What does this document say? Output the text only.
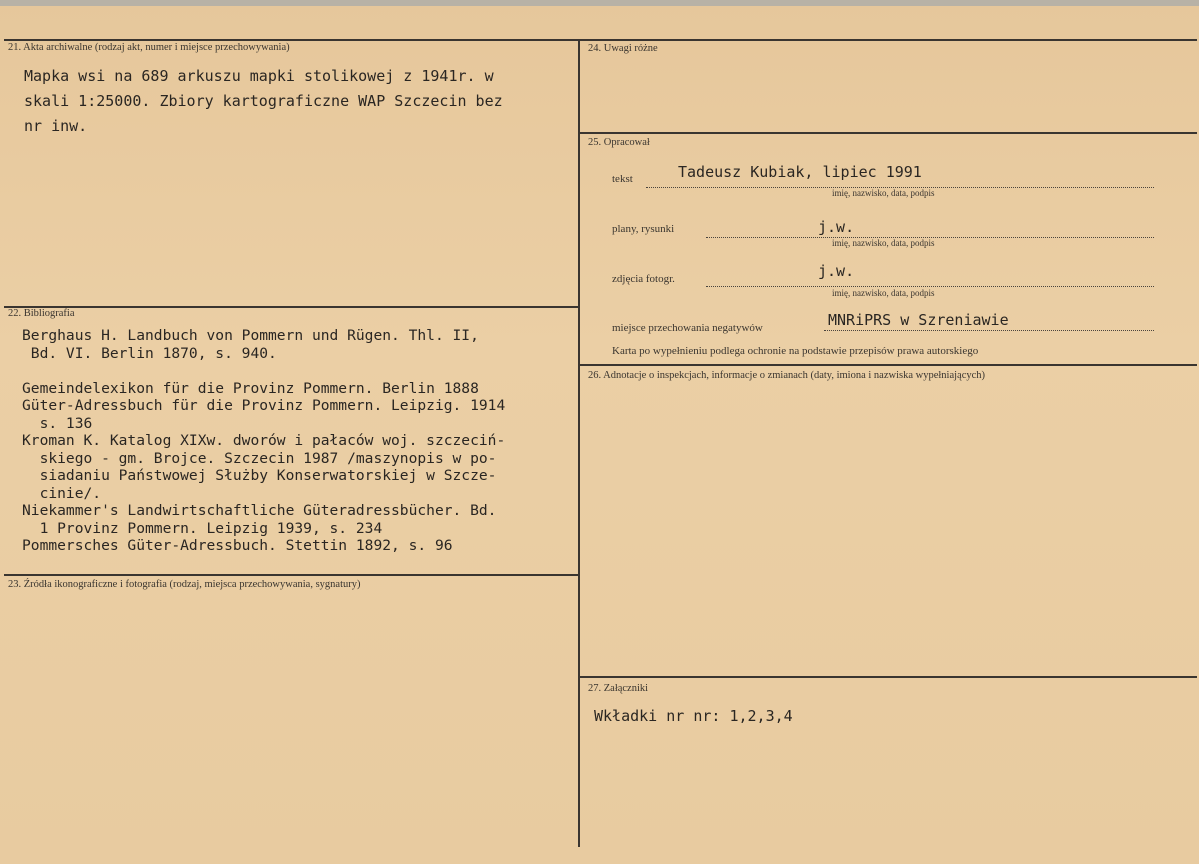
21. Akta archiwalne (rodzaj akt, numer i miejsce przechowywania)
Mapka wsi na 689 arkuszu mapki stolikowej z 1941r. w
skali 1:25000. Zbiory kartograficzne WAP Szczecin bez
nr inw.
22. Bibliografia
Berghaus H. Landbuch von Pommern und Rügen. Thl. II,
Bd. VI. Berlin 1870, s. 940.

Gemeindelexikon für die Provinz Pommern. Berlin 1888
Güter-Adressbuch für die Provinz Pommern. Leipzig. 1914
s. 136
Kroman K. Katalog XIXw. dworów i pałaców woj. szczeciń-
skiego - gm. Brojce. Szczecin 1987 /maszynopis w po-
siadaniu Państwowej Służby Konserwatorskiej w Szcze-
cinie/.
Niekammer's Landwirtschaftliche Güteradressbücher. Bd.
1 Provinz Pommern. Leipzig 1939, s. 234
Pommersches Güter-Adressbuch. Stettin 1892, s. 96
23. Źródła ikonograficzne i fotografia (rodzaj, miejsca przechowywania, sygnatury)
24. Uwagi różne
25. Opracował
tekst	Tadeusz Kubiak, lipiec 1991
imię, nazwisko, data, podpis
plany, rysunki	j.w.
imię, nazwisko, data, podpis
zdjęcia fotogr.	j.w.
imię, nazwisko, data, podpis
miejsce przechowania negatywów	MNRiPRS w Szreniawie
Karta po wypełnieniu podlega ochronie na podstawie przepisów prawa autorskiego
26. Adnotacje o inspekcjach, informacje o zmianach (daty, imiona i nazwiska wypełniających)
27. Załączniki
Wkładki nr nr: 1,2,3,4
